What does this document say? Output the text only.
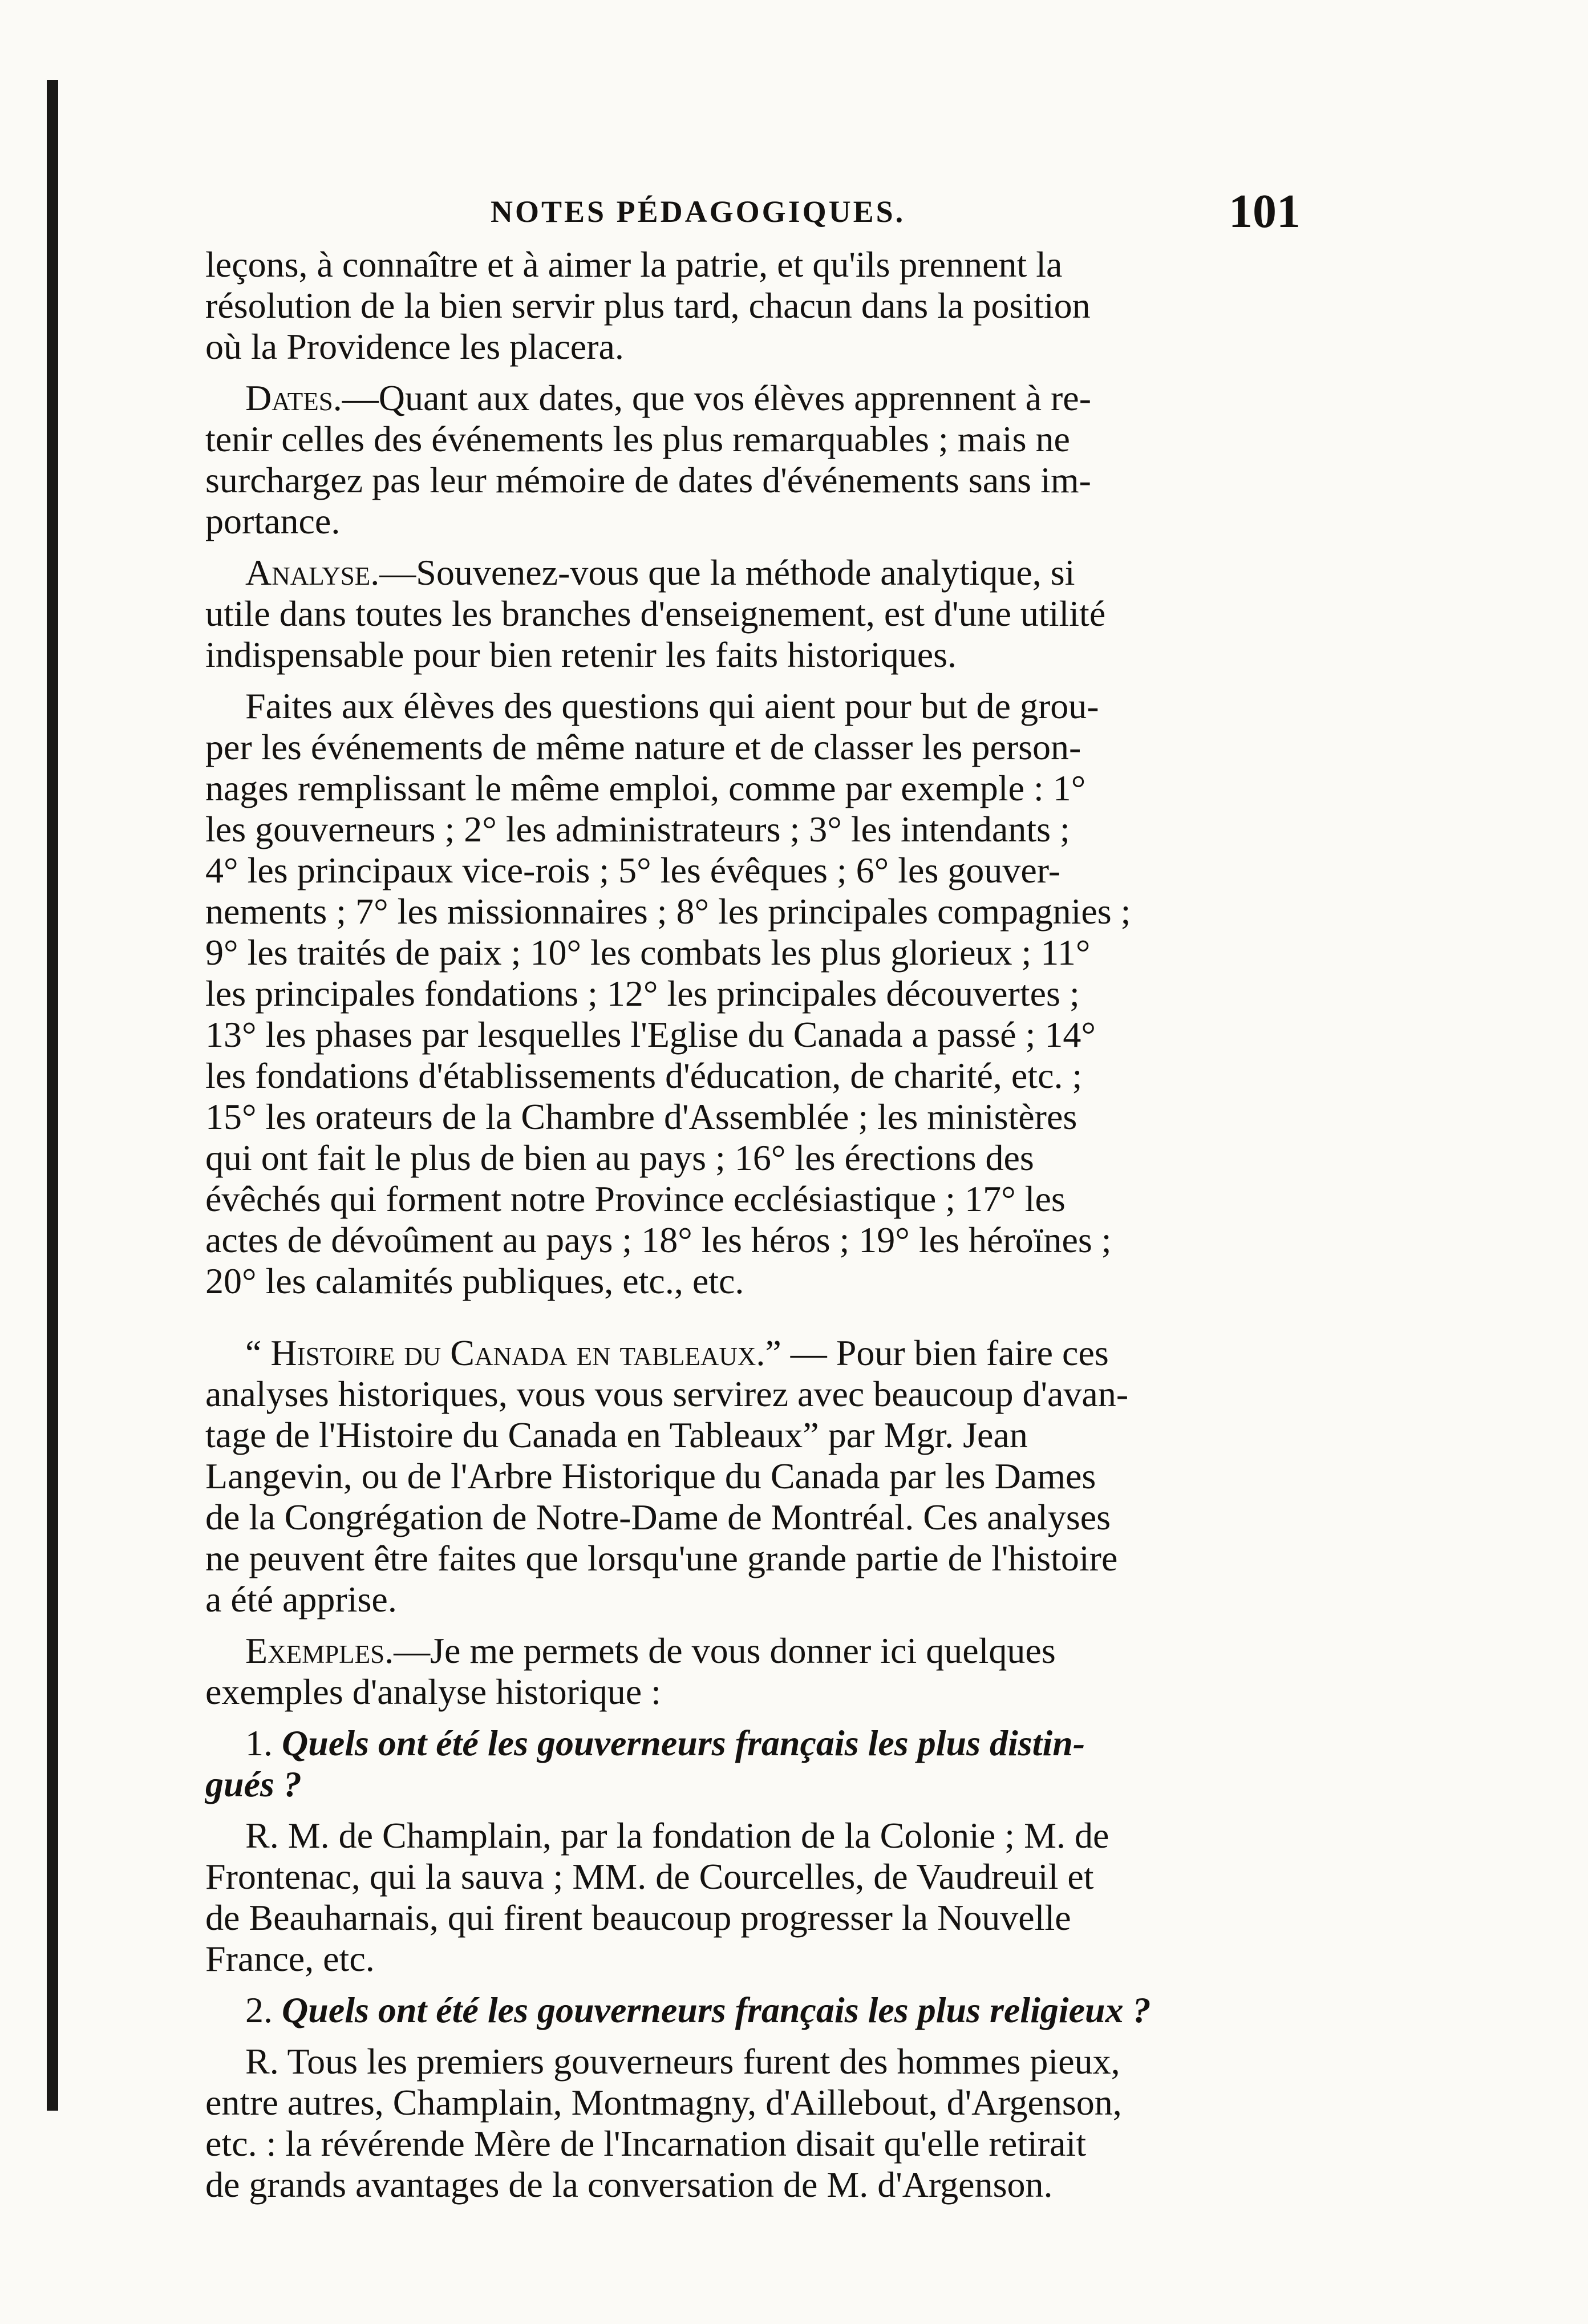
NOTES PÉDAGOGIQUES.	101
leçons, à connaître et à aimer la patrie, et qu'ils prennent la
résolution de la bien servir plus tard, chacun dans la position
où la Providence les placera.
Dates.—Quant aux dates, que vos élèves apprennent à re-
tenir celles des événements les plus remarquables ; mais ne
surchargez pas leur mémoire de dates d'événements sans im-
portance.
Analyse.—Souvenez-vous que la méthode analytique, si
utile dans toutes les branches d'enseignement, est d'une utilité
indispensable pour bien retenir les faits historiques.
Faites aux élèves des questions qui aient pour but de grou-
per les événements de même nature et de classer les person-
nages remplissant le même emploi, comme par exemple : 1°
les gouverneurs ; 2° les administrateurs ; 3° les intendants ;
4° les principaux vice-rois ; 5° les évêques ; 6° les gouver-
nements ; 7° les missionnaires ; 8° les principales compagnies ;
9° les traités de paix ; 10° les combats les plus glorieux ; 11°
les principales fondations ; 12° les principales découvertes ;
13° les phases par lesquelles l'Eglise du Canada a passé ; 14°
les fondations d'établissements d'éducation, de charité, etc. ;
15° les orateurs de la Chambre d'Assemblée ; les ministères
qui ont fait le plus de bien au pays ; 16° les érections des
évêchés qui forment notre Province ecclésiastique ; 17° les
actes de dévoûment au pays ; 18° les héros ; 19° les héroïnes ;
20° les calamités publiques, etc., etc.
“ Histoire du Canada en tableaux.” — Pour bien faire ces
analyses historiques, vous vous servirez avec beaucoup d'avan-
tage de l'Histoire du Canada en Tableaux” par Mgr. Jean
Langevin, ou de l'Arbre Historique du Canada par les Dames
de la Congrégation de Notre-Dame de Montréal. Ces analyses
ne peuvent être faites que lorsqu'une grande partie de l'histoire
a été apprise.
Exemples.—Je me permets de vous donner ici quelques
exemples d'analyse historique :
1. Quels ont été les gouverneurs français les plus distin-
gués ?
R. M. de Champlain, par la fondation de la Colonie ; M. de
Frontenac, qui la sauva ; MM. de Courcelles, de Vaudreuil et
de Beauharnais, qui firent beaucoup progresser la Nouvelle
France, etc.
2. Quels ont été les gouverneurs français les plus religieux ?
R. Tous les premiers gouverneurs furent des hommes pieux,
entre autres, Champlain, Montmagny, d'Aillebout, d'Argenson,
etc. : la révérende Mère de l'Incarnation disait qu'elle retirait
de grands avantages de la conversation de M. d'Argenson.
